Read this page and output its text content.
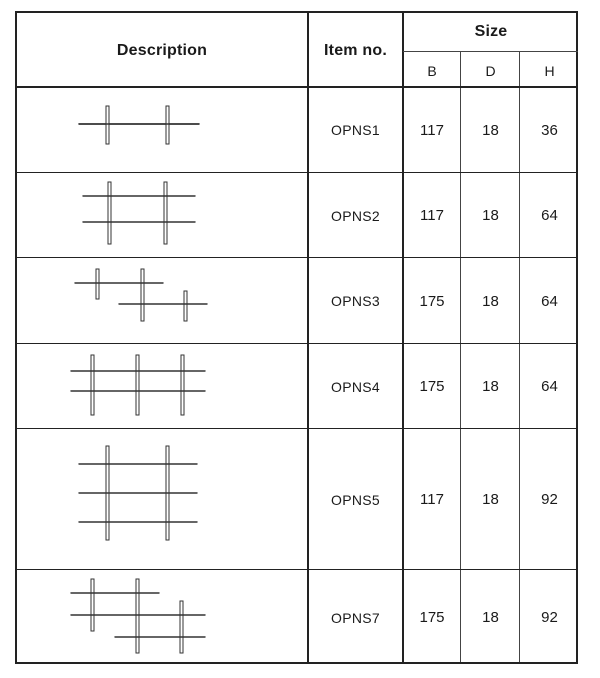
Description	Item no.
Size
B	D	H
OPNS1	117	18	36
OPNS2	117	18	64
OPNS3	175	18	64
OPNS4	175	18	64
OPNS5	117	18	92
OPNS7	175	18	92
